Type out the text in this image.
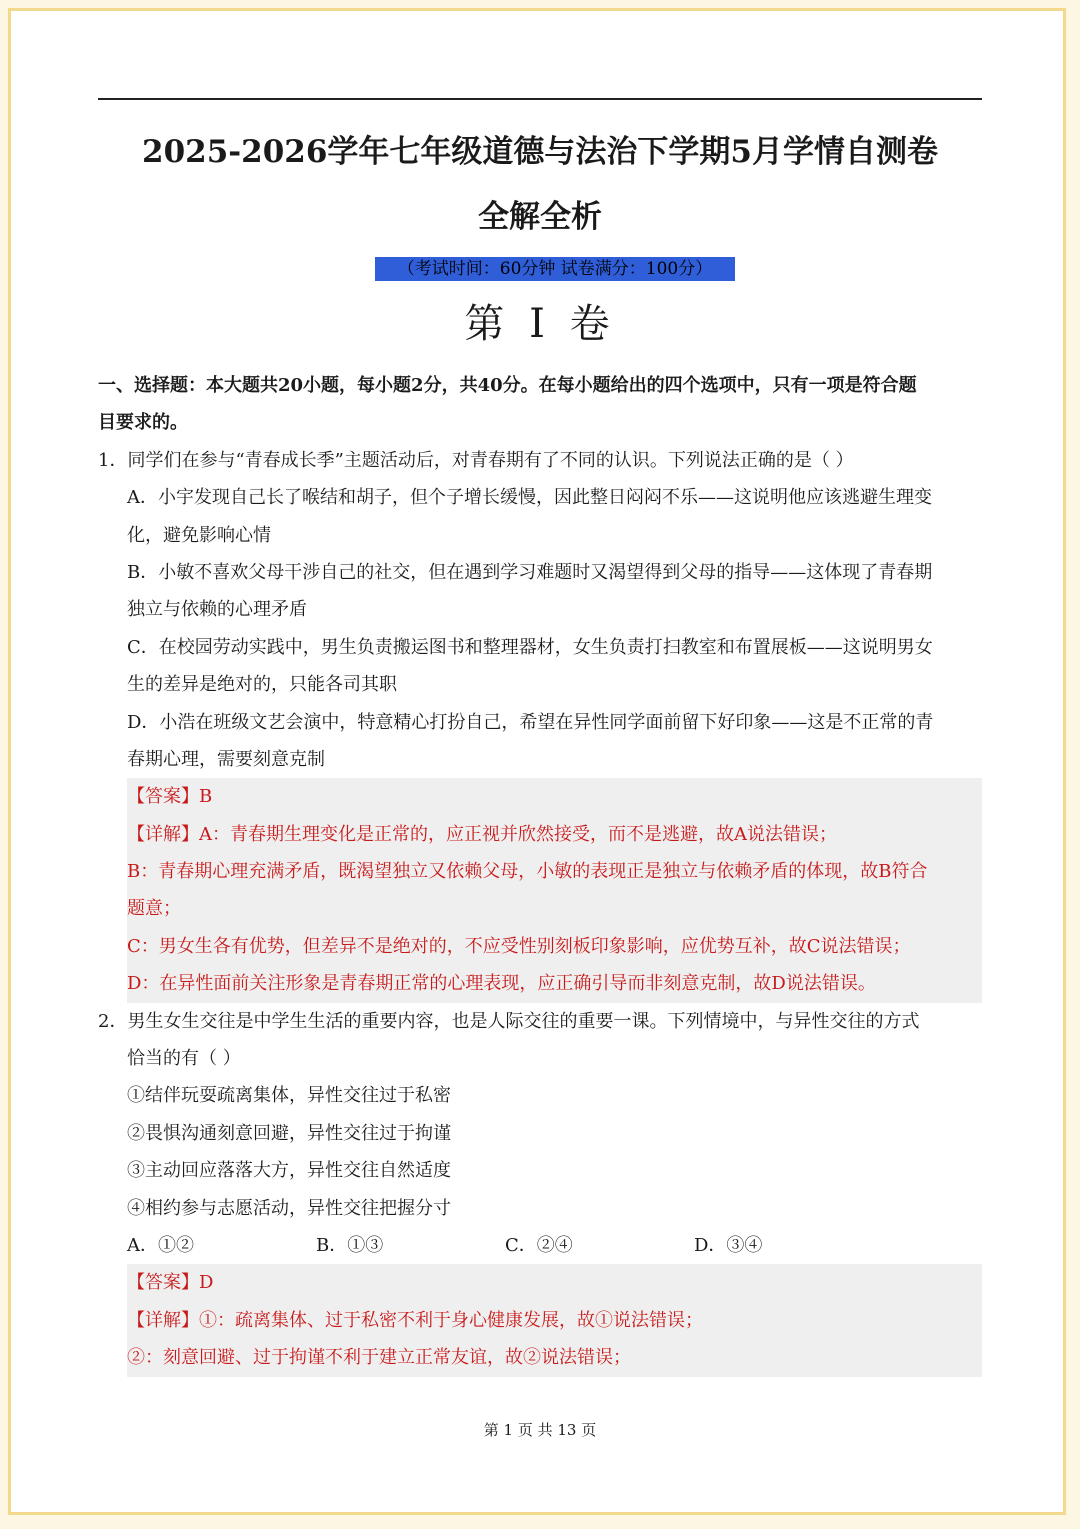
2025-2026学年七年级道德与法治下学期5月学情自测卷
全解全析
（考试时间：60分钟 试卷满分：100分）
第 I 卷
一、选择题：本大题共20小题，每小题2分，共40分。在每小题给出的四个选项中，只有一项是符合题
目要求的。
1．同学们在参与“青春成长季”主题活动后，对青春期有了不同的认识。下列说法正确的是（ ）
A．小宇发现自己长了喉结和胡子，但个子增长缓慢，因此整日闷闷不乐——这说明他应该逃避生理变
化，避免影响心情
B．小敏不喜欢父母干涉自己的社交，但在遇到学习难题时又渴望得到父母的指导——这体现了青春期
独立与依赖的心理矛盾
C．在校园劳动实践中，男生负责搬运图书和整理器材，女生负责打扫教室和布置展板——这说明男女
生的差异是绝对的，只能各司其职
D．小浩在班级文艺会演中，特意精心打扮自己，希望在异性同学面前留下好印象——这是不正常的青
春期心理，需要刻意克制
【答案】B
【详解】A：青春期生理变化是正常的，应正视并欣然接受，而不是逃避，故A说法错误；
B：青春期心理充满矛盾，既渴望独立又依赖父母，小敏的表现正是独立与依赖矛盾的体现，故B符合
题意；
C：男女生各有优势，但差异不是绝对的，不应受性别刻板印象影响，应优势互补，故C说法错误；
D：在异性面前关注形象是青春期正常的心理表现，应正确引导而非刻意克制，故D说法错误。
2．男生女生交往是中学生生活的重要内容，也是人际交往的重要一课。下列情境中，与异性交往的方式
恰当的有（ ）
①结伴玩耍疏离集体，异性交往过于私密
②畏惧沟通刻意回避，异性交往过于拘谨
③主动回应落落大方，异性交往自然适度
④相约参与志愿活动，异性交往把握分寸
A．①②	B．①③	C．②④	D．③④
【答案】D
【详解】①：疏离集体、过于私密不利于身心健康发展，故①说法错误；
②：刻意回避、过于拘谨不利于建立正常友谊，故②说法错误；
第 1 页 共 13 页
